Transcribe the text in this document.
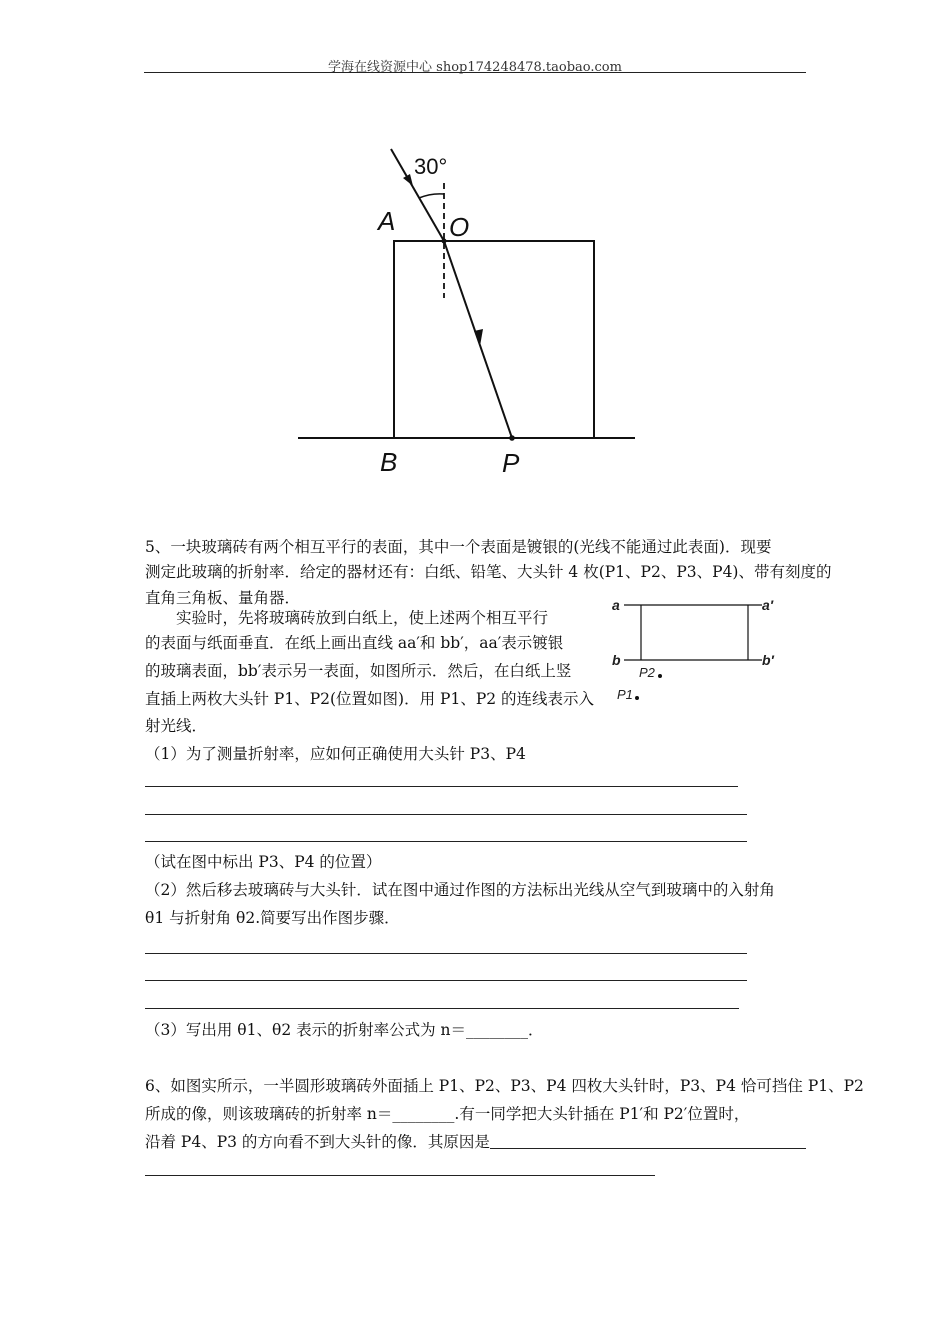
学海在线资源中心 shop174248478.taobao.com
30°
A O
B	P
5、一块玻璃砖有两个相互平行的表面，其中一个表面是镀银的(光线不能通过此表面)．现要
测定此玻璃的折射率．给定的器材还有：白纸、铅笔、大头针 4 枚(P1、P2、P3、P4)、带有刻度的
直角三角板、量角器．
实验时，先将玻璃砖放到白纸上，使上述两个相互平行
的表面与纸面垂直．在纸上画出直线 aa′和 bb′，aa′表示镀银
的玻璃表面，bb′表示另一表面，如图所示．然后，在白纸上竖
直插上两枚大头针 P1、P2(位置如图)．用 P1、P2 的连线表示入
射光线．
a	a′
b	b′
P2
P1
（1）为了测量折射率，应如何正确使用大头针 P3、P4
（试在图中标出 P3、P4 的位置）
（2）然后移去玻璃砖与大头针．试在图中通过作图的方法标出光线从空气到玻璃中的入射角
θ1 与折射角 θ2.简要写出作图步骤．
（3）写出用 θ1、θ2 表示的折射率公式为 n＝________．
6、如图实所示，一半圆形玻璃砖外面插上 P1、P2、P3、P4 四枚大头针时，P3、P4 恰可挡住 P1、P2
所成的像，则该玻璃砖的折射率 n＝________.有一同学把大头针插在 P1′和 P2′位置时，
沿着 P4、P3 的方向看不到大头针的像．其原因是
